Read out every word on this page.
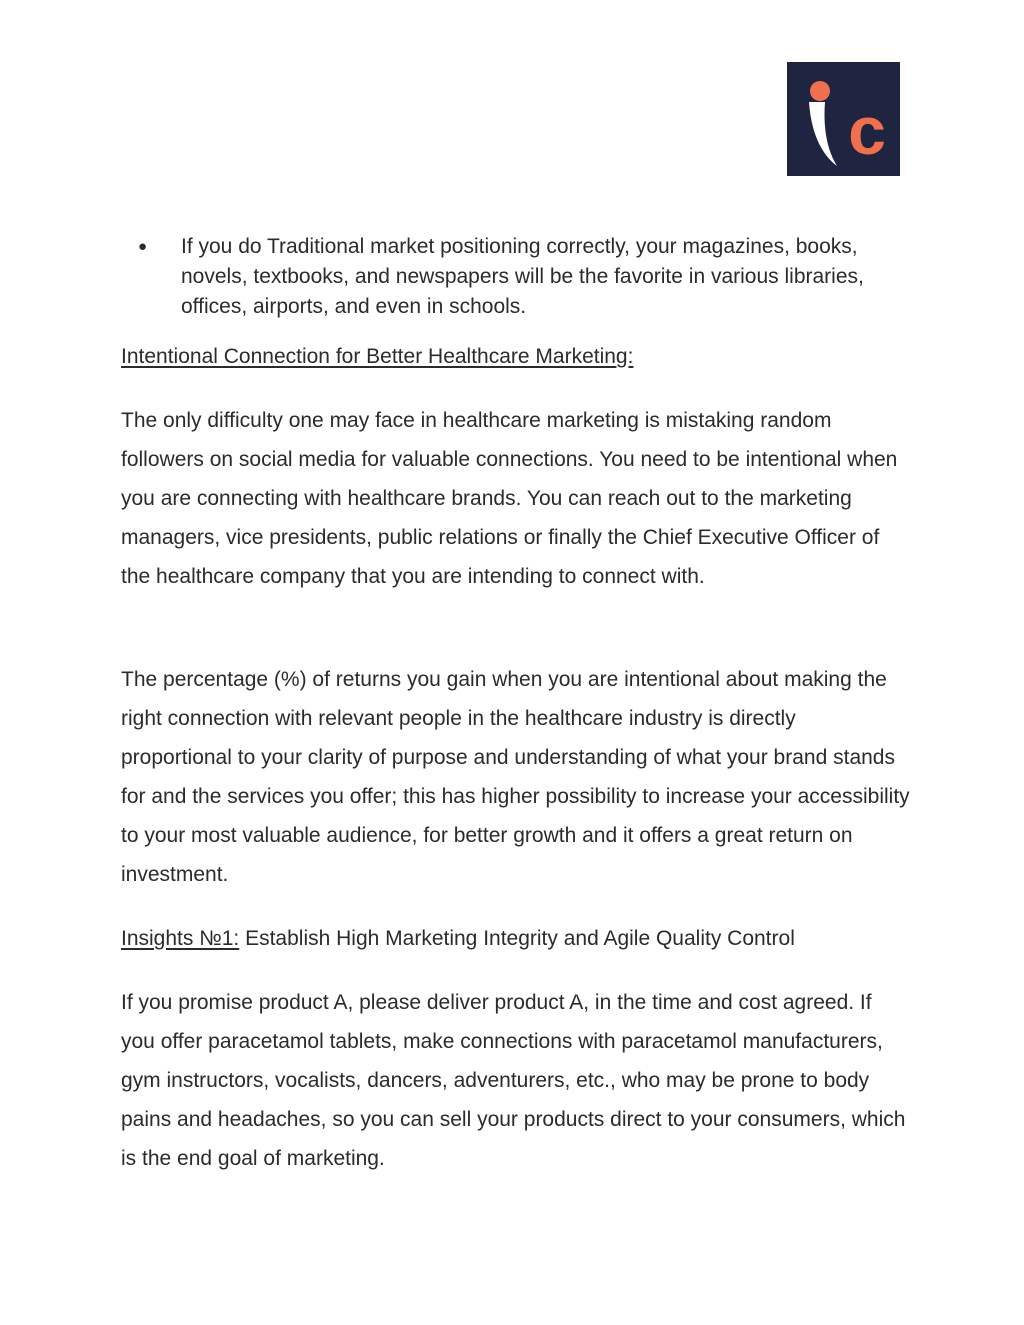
c
●	If you do Traditional market positioning correctly, your magazines, books, novels, textbooks, and newspapers will be the favorite in various libraries, offices, airports, and even in schools.
Intentional Connection for Better Healthcare Marketing:

The only difficulty one may face in healthcare marketing is mistaking random followers on social media for valuable connections. You need to be intentional when you are connecting with healthcare brands. You can reach out to the marketing managers, vice presidents, public relations or finally the Chief Executive Officer of the healthcare company that you are intending to connect with.

The percentage (%) of returns you gain when you are intentional about making the right connection with relevant people in the healthcare industry is directly proportional to your clarity of purpose and understanding of what your brand stands for and the services you offer; this has higher possibility to increase your accessibility to your most valuable audience, for better growth and it offers a great return on investment.

Insights №1: Establish High Marketing Integrity and Agile Quality Control

If you promise product A, please deliver product A, in the time and cost agreed. If you offer paracetamol tablets, make connections with paracetamol manufacturers, gym instructors, vocalists, dancers, adventurers, etc., who may be prone to body pains and headaches, so you can sell your products direct to your consumers, which is the end goal of marketing.
